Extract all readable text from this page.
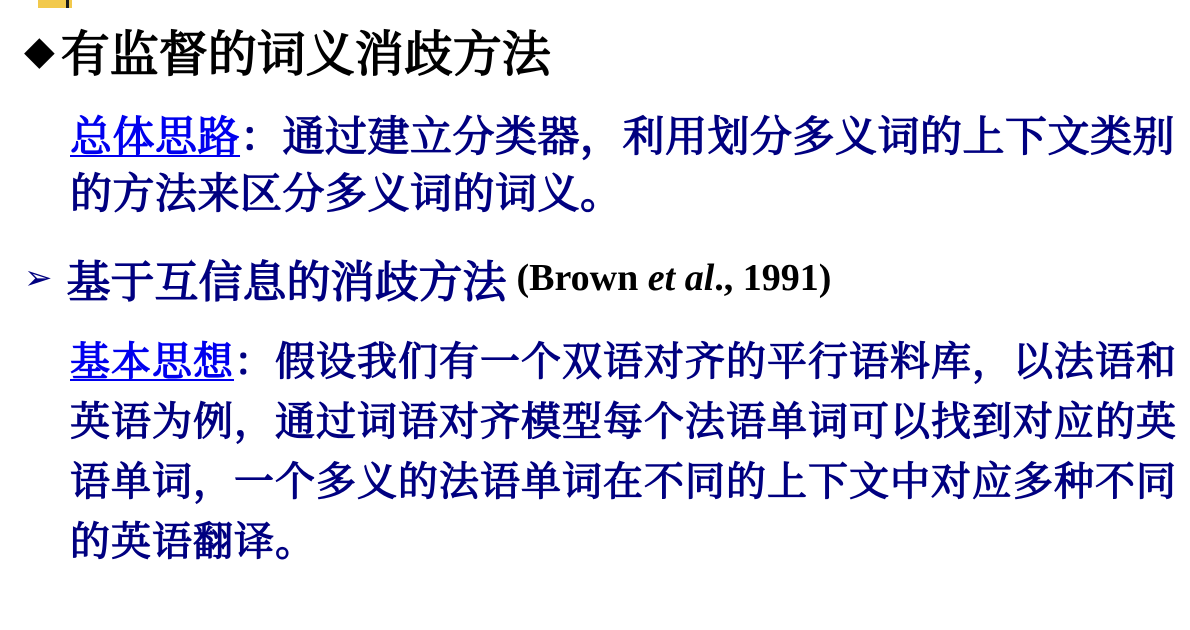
◆ 有监督的词义消歧方法
总体思路：通过建立分类器，利用划分多义词的上下文类别的方法来区分多义词的词义。
➢ 基于互信息的消歧方法 (Brown et al., 1991)
基本思想：假设我们有一个双语对齐的平行语料库，以法语和英语为例，通过词语对齐模型每个法语单词可以找到对应的英语单词，一个多义的法语单词在不同的上下文中对应多种不同的英语翻译。
